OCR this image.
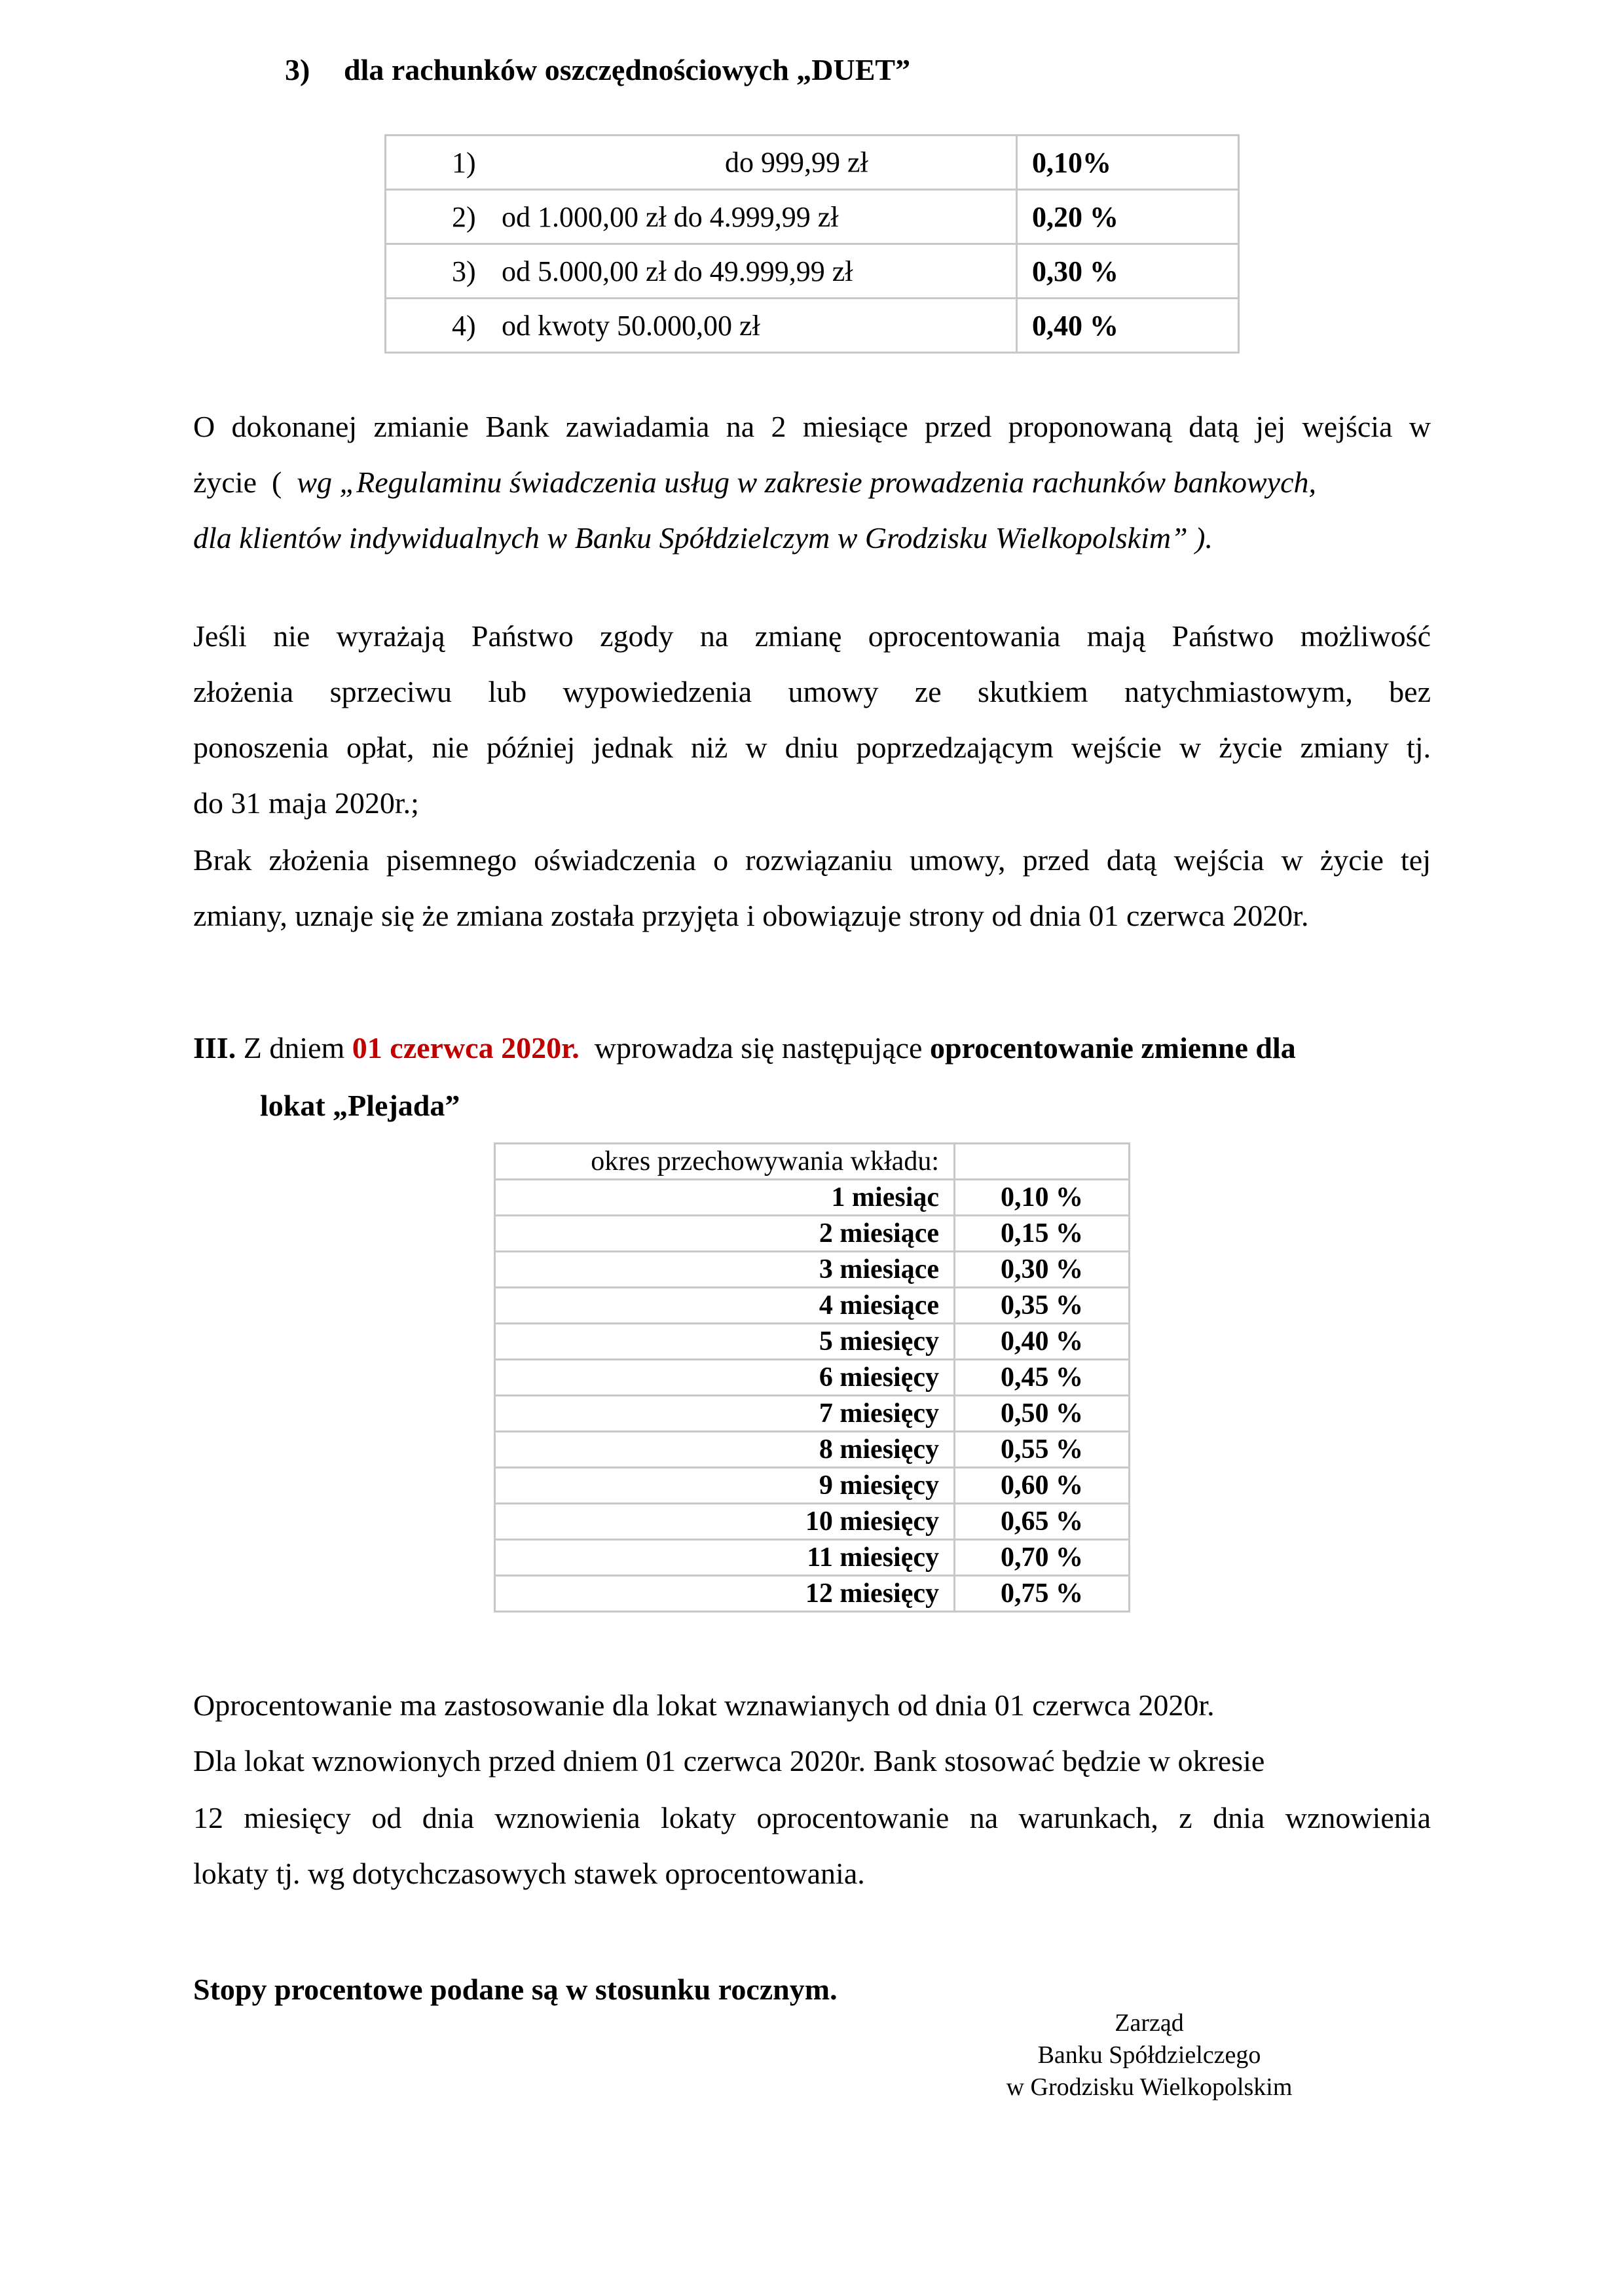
3) dla rachunków oszczędnościowych „DUET”
1) do 999,99 zł	0,10%
2) od 1.000,00 zł do 4.999,99 zł	0,20 %
3) od 5.000,00 zł do 49.999,99 zł	0,30 %
4) od kwoty 50.000,00 zł	0,40 %
O dokonanej zmianie Bank zawiadamia na 2 miesiące przed proponowaną datą jej wejścia w
życie  (  wg „Regulaminu świadczenia usług w zakresie prowadzenia rachunków bankowych,
dla klientów indywidualnych w Banku Spółdzielczym w Grodzisku Wielkopolskim” ).
Jeśli nie wyrażają Państwo zgody na zmianę oprocentowania mają Państwo możliwość
złożenia sprzeciwu lub wypowiedzenia umowy ze skutkiem natychmiastowym, bez
ponoszenia opłat, nie później jednak niż w dniu poprzedzającym wejście w życie zmiany tj.
do 31 maja 2020r.;
Brak złożenia pisemnego oświadczenia o rozwiązaniu umowy, przed datą wejścia w życie tej
zmiany, uznaje się że zmiana została przyjęta i obowiązuje strony od dnia 01 czerwca 2020r.
III. Z dniem 01 czerwca 2020r. wprowadza się następujące oprocentowanie zmienne dla
lokat „Plejada”
okres przechowywania wkładu:	
1 miesiąc	0,10 %
2 miesiące	0,15 %
3 miesiące	0,30 %
4 miesiące	0,35 %
5 miesięcy	0,40 %
6 miesięcy	0,45 %
7 miesięcy	0,50 %
8 miesięcy	0,55 %
9 miesięcy	0,60 %
10 miesięcy	0,65 %
11 miesięcy	0,70 %
12 miesięcy	0,75 %
Oprocentowanie ma zastosowanie dla lokat wznawianych od dnia 01 czerwca 2020r.
Dla lokat wznowionych przed dniem 01 czerwca 2020r. Bank stosować będzie w okresie
12 miesięcy od dnia wznowienia lokaty oprocentowanie na warunkach, z dnia wznowienia
lokaty tj. wg dotychczasowych stawek oprocentowania.
Stopy procentowe podane są w stosunku rocznym.
Zarząd
Banku Spółdzielczego
w Grodzisku Wielkopolskim
